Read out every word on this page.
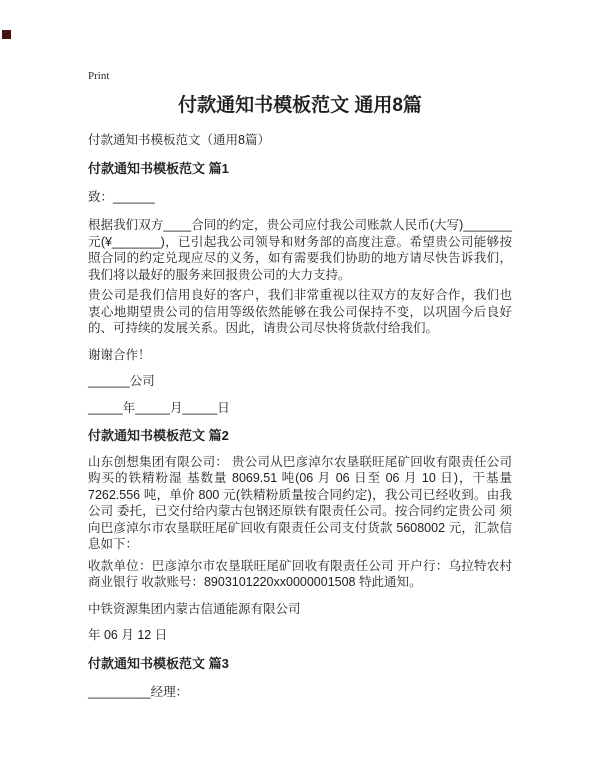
Print
付款通知书模板范文 通用8篇

付款通知书模板范文（通用8篇）

付款通知书模板范文 篇1

致：______

根据我们双方____合同的约定，贵公司应付我公司账款人民币(大写)_______元(¥_______)，已引起我公司领导和财务部的高度注意。希望贵公司能够按照合同的约定兑现应尽的义务，如有需要我们协助的地方请尽快告诉我们，我们将以最好的服务来回报贵公司的大力支持。

贵公司是我们信用良好的客户，我们非常重视以往双方的友好合作，我们也衷心地期望贵公司的信用等级依然能够在我公司保持不变，以巩固今后良好的、可持续的发展关系。因此，请贵公司尽快将货款付给我们。

谢谢合作！

______公司

_____年_____月_____日

付款通知书模板范文 篇2

山东创想集团有限公司： 贵公司从巴彦淖尔农垦联旺尾矿回收有限责任公司购买的铁精粉湿 基数量 8069.51 吨(06 月 06 日至 06 月 10 日)，干基量 7262.556 吨，单价 800 元(铁精粉质量按合同约定)，我公司已经收到。由我公司 委托，已交付给内蒙古包钢还原铁有限责任公司。按合同约定贵公司 须向巴彦淖尔市农垦联旺尾矿回收有限责任公司支付货款 5608002 元，汇款信息如下：

收款单位：巴彦淖尔市农垦联旺尾矿回收有限责任公司 开户行：乌拉特农村商业银行 收款账号：8903101220xx0000001508 特此通知。

中铁资源集团内蒙古信通能源有限公司

年 06 月 12 日

付款通知书模板范文 篇3

_________经理：
